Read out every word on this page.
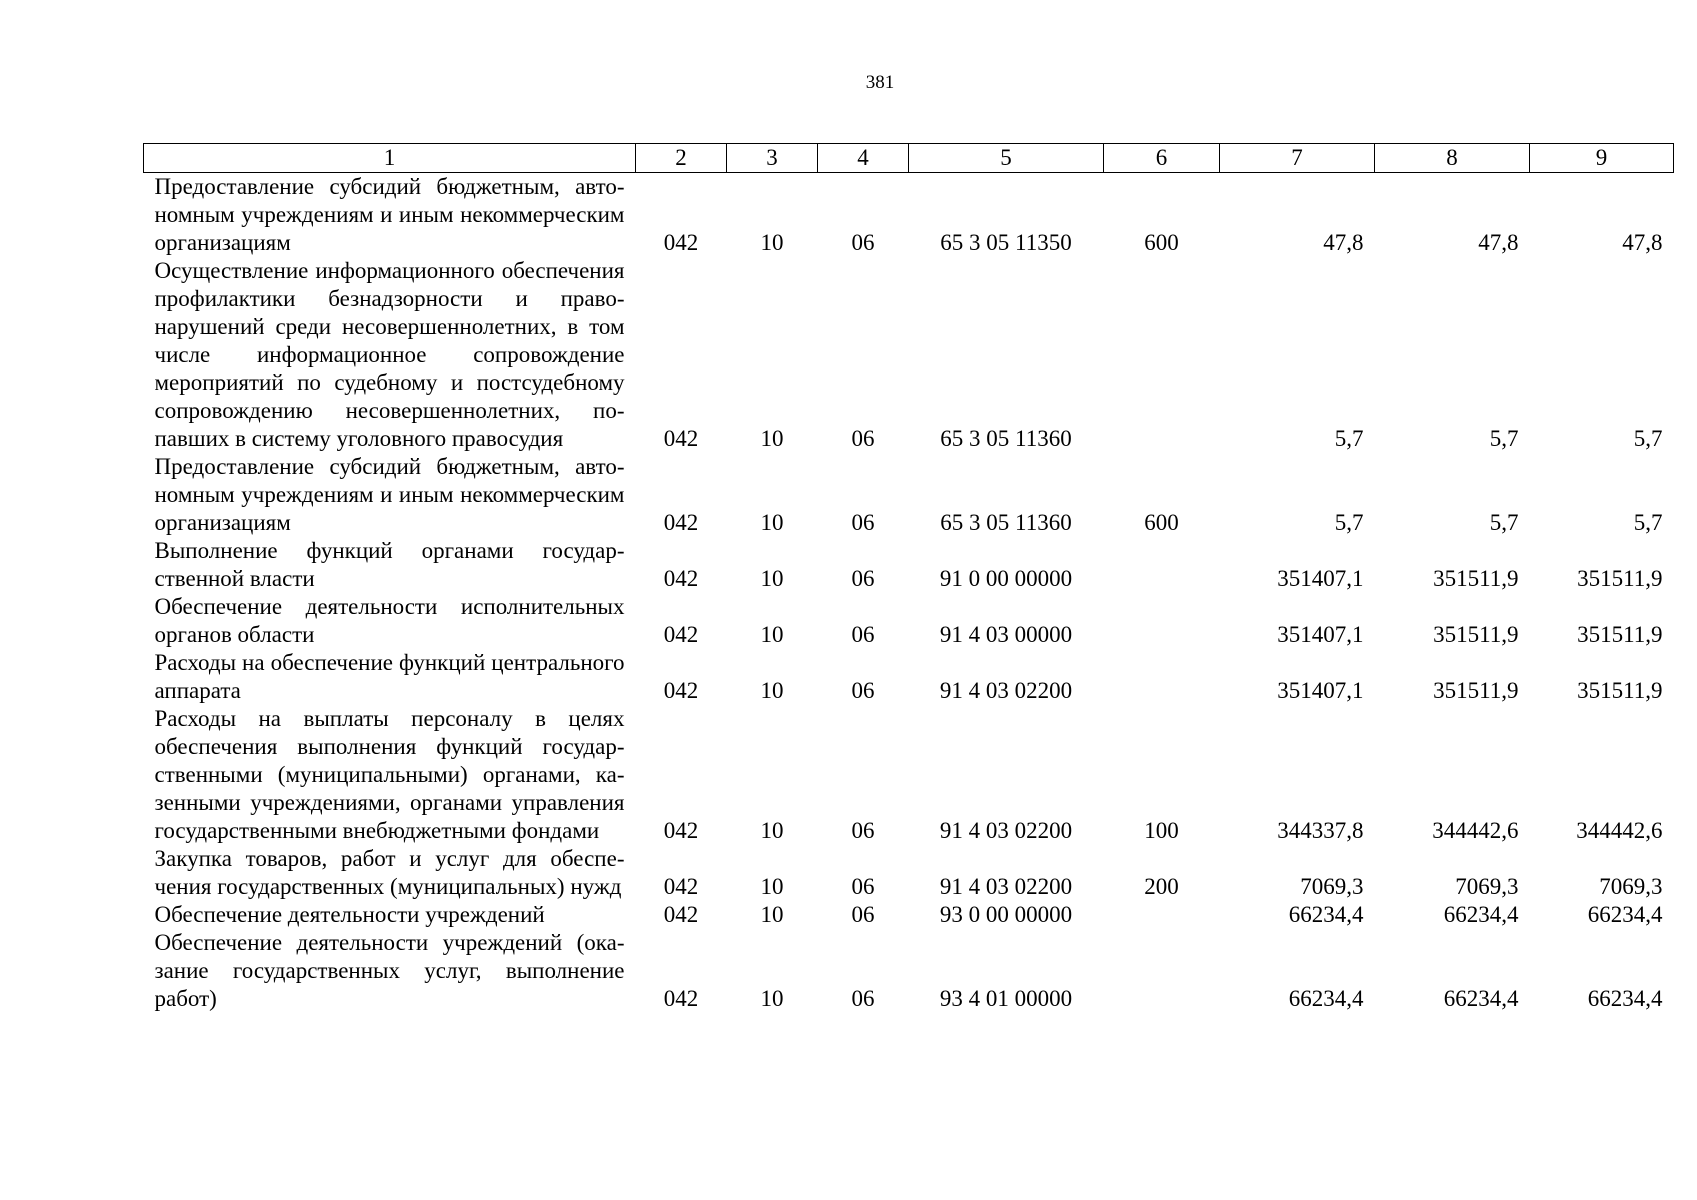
381
1	2	3	4	5	6	7	8	9
Предоставление субсидий бюджетным, автономным учреждениям и иным некоммерческим организациям	042	10	06	65 3 05 11350	600	47,8	47,8	47,8
Осуществление информационного обеспечения профилактики безнадзорности и правонарушений среди несовершеннолетних, в том числе информационное сопровождение мероприятий по судебному и постсудебному сопровождению несовершеннолетних, попавших в систему уголовного правосудия	042	10	06	65 3 05 11360		5,7	5,7	5,7
Предоставление субсидий бюджетным, автономным учреждениям и иным некоммерческим организациям	042	10	06	65 3 05 11360	600	5,7	5,7	5,7
Выполнение функций органами государственной власти	042	10	06	91 0 00 00000		351407,1	351511,9	351511,9
Обеспечение деятельности исполнительных органов области	042	10	06	91 4 03 00000		351407,1	351511,9	351511,9
Расходы на обеспечение функций центрального аппарата	042	10	06	91 4 03 02200		351407,1	351511,9	351511,9
Расходы на выплаты персоналу в целях обеспечения выполнения функций государственными (муниципальными) органами, казенными учреждениями, органами управления государственными внебюджетными фондами	042	10	06	91 4 03 02200	100	344337,8	344442,6	344442,6
Закупка товаров, работ и услуг для обеспечения государственных (муниципальных) нужд	042	10	06	91 4 03 02200	200	7069,3	7069,3	7069,3
Обеспечение деятельности учреждений	042	10	06	93 0 00 00000		66234,4	66234,4	66234,4
Обеспечение деятельности учреждений (оказание государственных услуг, выполнение работ)	042	10	06	93 4 01 00000		66234,4	66234,4	66234,4
